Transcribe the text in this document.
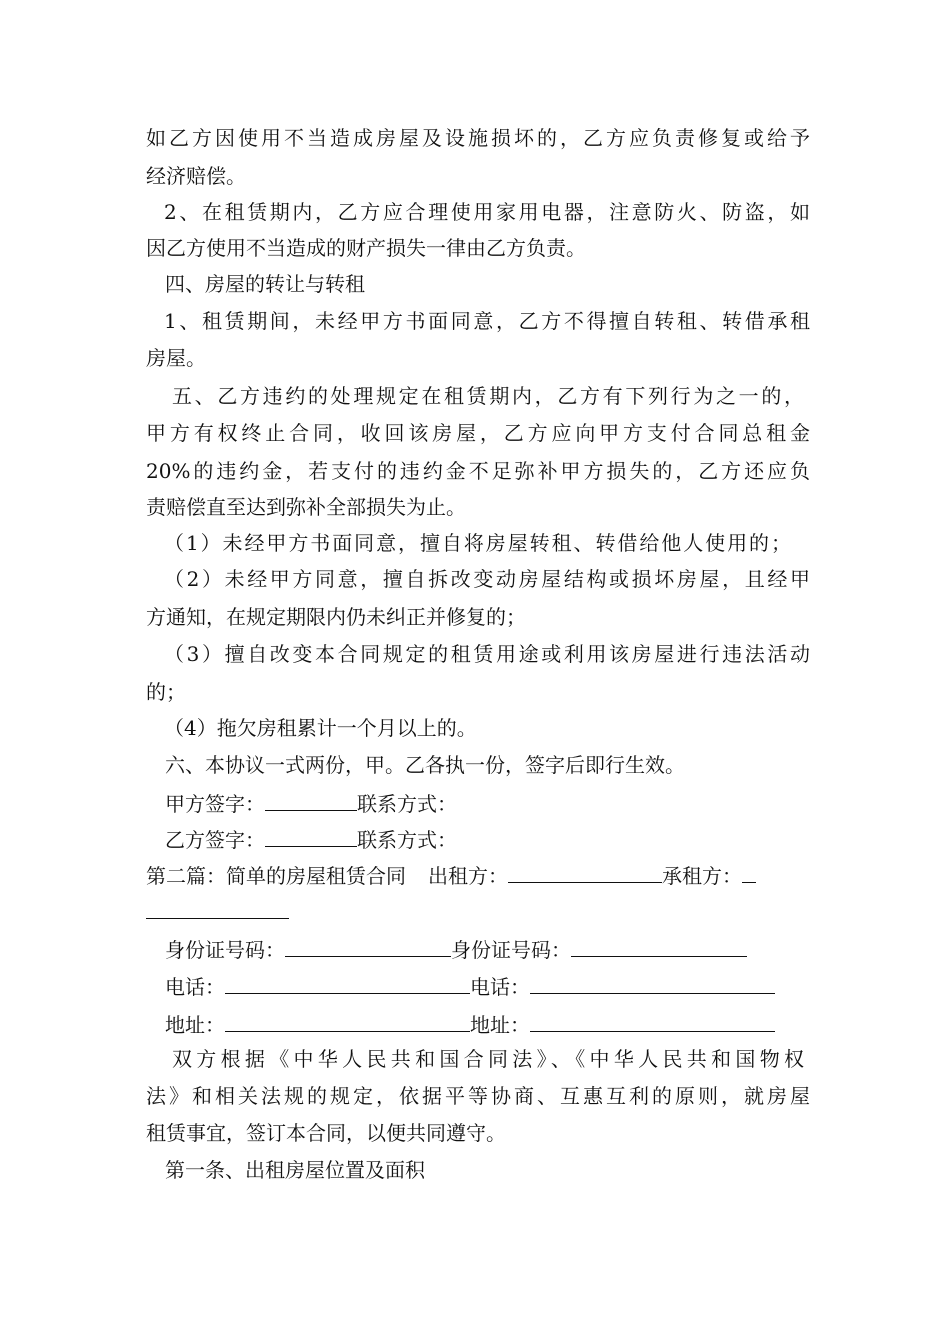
如乙方因使用不当造成房屋及设施损坏的，乙方应负责修复或给予
经济赔偿。
2、在租赁期内，乙方应合理使用家用电器，注意防火、防盗，如
因乙方使用不当造成的财产损失一律由乙方负责。
四、房屋的转让与转租
1、租赁期间，未经甲方书面同意，乙方不得擅自转租、转借承租
房屋。
五、乙方违约的处理规定在租赁期内，乙方有下列行为之一的，
甲方有权终止合同，收回该房屋，乙方应向甲方支付合同总租金
20%的违约金，若支付的违约金不足弥补甲方损失的，乙方还应负
责赔偿直至达到弥补全部损失为止。
（1）未经甲方书面同意，擅自将房屋转租、转借给他人使用的；
（2）未经甲方同意，擅自拆改变动房屋结构或损坏房屋，且经甲
方通知，在规定期限内仍未纠正并修复的；
（3）擅自改变本合同规定的租赁用途或利用该房屋进行违法活动
的；
（4）拖欠房租累计一个月以上的。
六、本协议一式两份，甲。乙各执一份，签字后即行生效。
甲方签字：	联系方式：
乙方签字：	联系方式：
第二篇：简单的房屋租赁合同 出租方：	承租方：
身份证号码：	身份证号码：
电话：	电话：
地址：	地址：
双方根据《中华人民共和国合同法》、《中华人民共和国物权
法》和相关法规的规定，依据平等协商、互惠互利的原则，就房屋
租赁事宜，签订本合同，以便共同遵守。
第一条、出租房屋位置及面积
